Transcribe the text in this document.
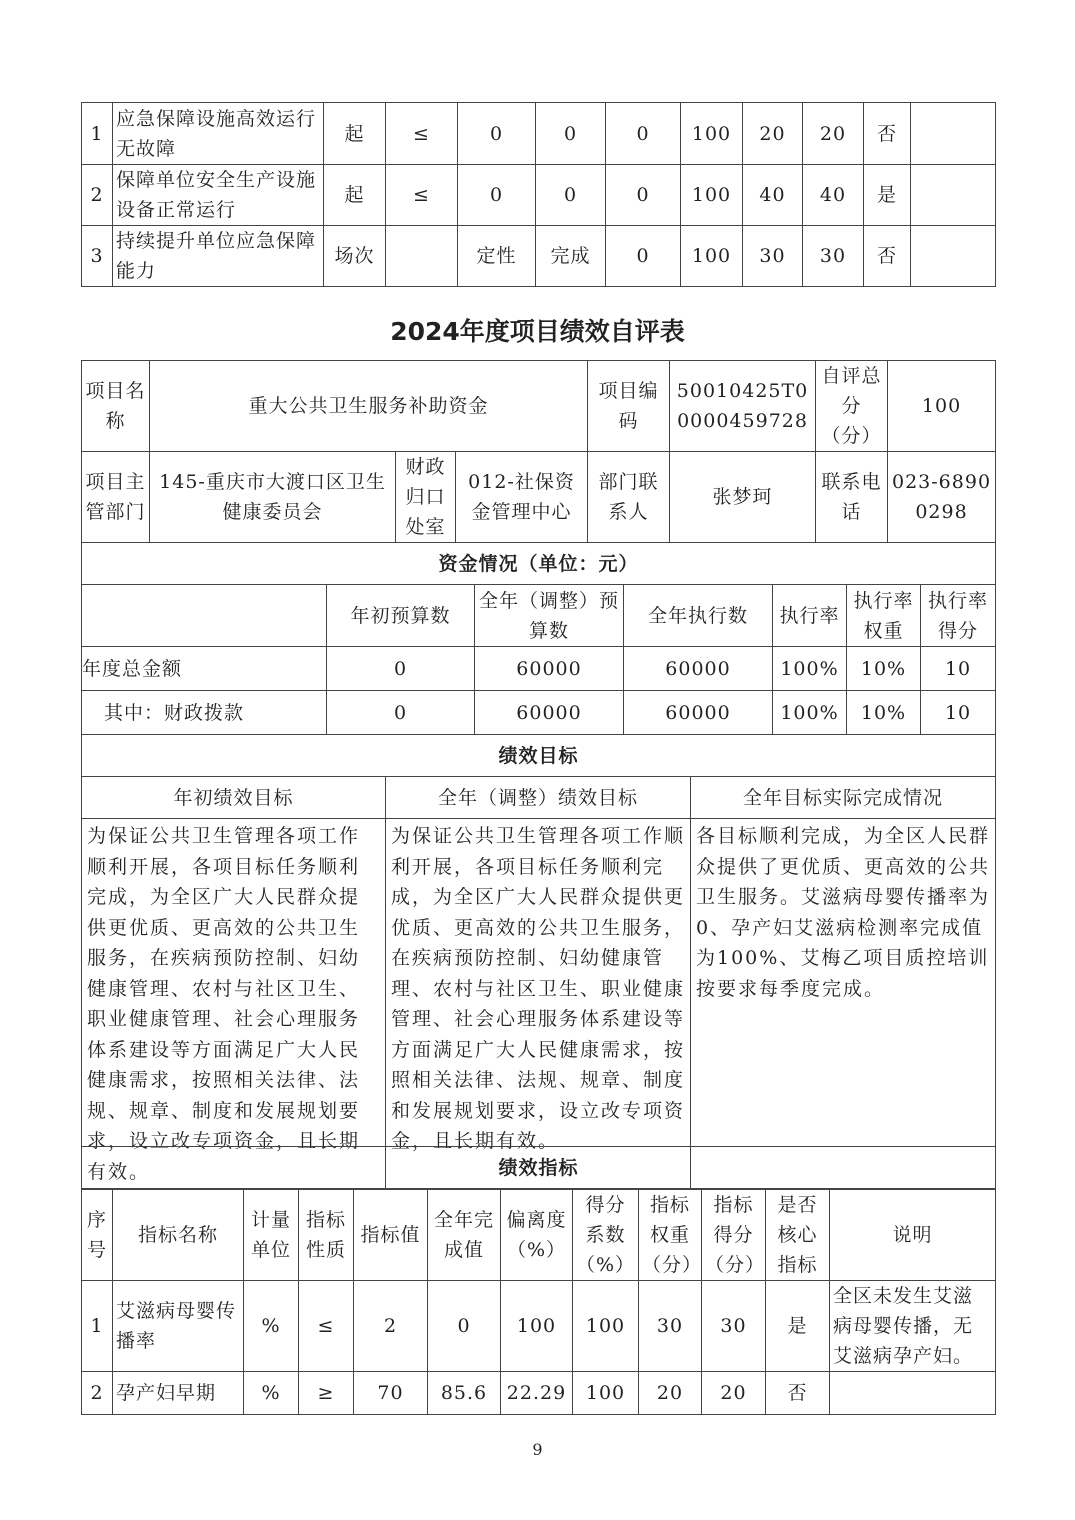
1	应急保障设施高效运行无故障	起	≤	0	0	0	100	20	20	否	
2	保障单位安全生产设施设备正常运行	起	≤	0	0	0	100	40	40	是	
3	持续提升单位应急保障能力	场次		定性	完成	0	100	30	30	否	
2024年度项目绩效自评表
项目名称	重大公共卫生服务补助资金			项目编码	50010425T00000459728	自评总分（分）	100
项目主管部门	145-重庆市大渡口区卫生健康委员会	财政归口处室	012-社保资金管理中心	部门联系人	张梦珂	联系电话	023-68900298
资金情况（单位：元）						
	年初预算数	全年（调整）预算数	全年执行数	执行率	执行率权重	执行率得分
年度总金额	0	60000	60000	100%	10%	10
其中：财政拨款	0	60000	60000	100%	10%	10
绩效目标		
年初绩效目标	全年（调整）绩效目标	全年目标实际完成情况
为保证公共卫生管理各项工作顺利开展，各项目标任务顺利完成，为全区广大人民群众提供更优质、更高效的公共卫生服务，在疾病预防控制、妇幼健康管理、农村与社区卫生、职业健康管理、社会心理服务体系建设等方面满足广大人民健康需求，按照相关法律、法规、规章、制度和发展规划要求，设立改专项资金，且长期有效。	为保证公共卫生管理各项工作顺利开展，各项目标任务顺利完成，为全区广大人民群众提供更优质、更高效的公共卫生服务，在疾病预防控制、妇幼健康管理、农村与社区卫生、职业健康管理、社会心理服务体系建设等方面满足广大人民健康需求，按照相关法律、法规、规章、制度和发展规划要求，设立改专项资金，且长期有效。	各目标顺利完成，为全区人民群众提供了更优质、更高效的公共卫生服务。艾滋病母婴传播率为0、孕产妇艾滋病检测率完成值为100%、艾梅乙项目质控培训按要求每季度完成。
绩效指标											
序号	指标名称	计量单位	指标性质	指标值	全年完成值	偏离度（%）	得分系数（%）	指标权重（分）	指标得分（分）	是否核心指标	说明
1	艾滋病母婴传播率	%	≤	2	0	100	100	30	30	是	全区未发生艾滋病母婴传播，无艾滋病孕产妇。
2	孕产妇早期	%	≥	70	85.6	22.29	100	20	20	否	
9
